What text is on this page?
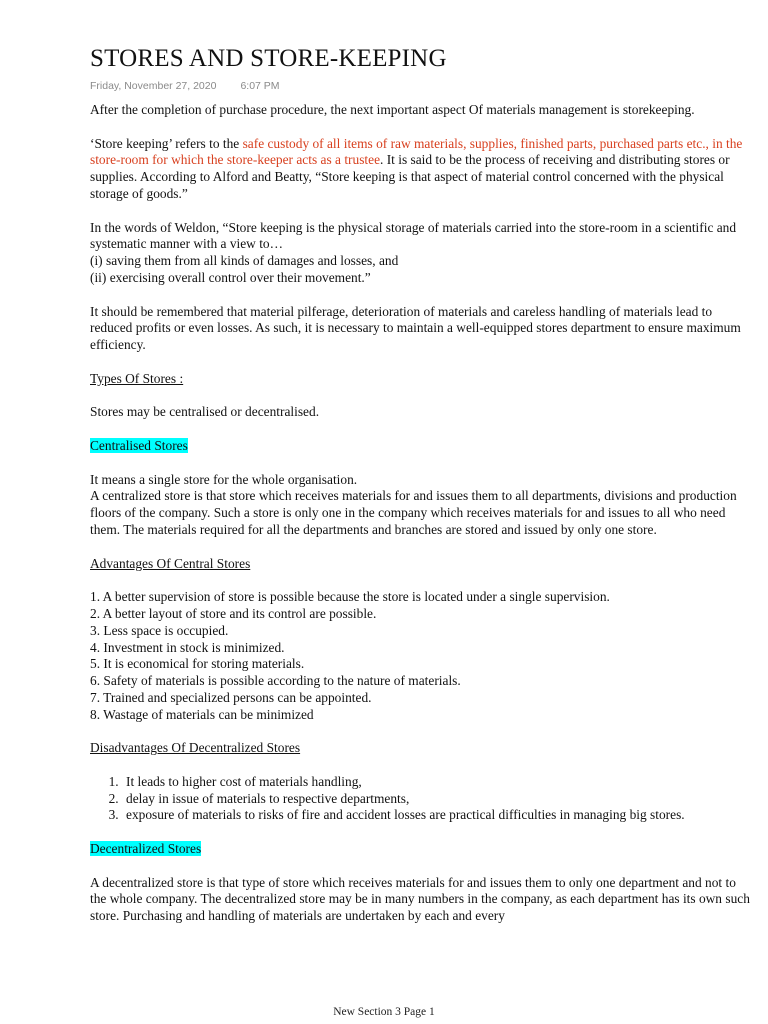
STORES AND STORE-KEEPING
Friday, November 27, 2020 6:07 PM

After the completion of purchase procedure, the next important aspect Of materials management is storekeeping.

‘Store keeping’ refers to the safe custody of all items of raw materials, supplies, finished parts, purchased parts etc., in the store-room for which the store-keeper acts as a trustee. It is said to be the process of receiving and distributing stores or supplies. According to Alford and Beatty, “Store keeping is that aspect of material control concerned with the physical storage of goods.”

In the words of Weldon, “Store keeping is the physical storage of materials carried into the store-room in a scientific and systematic manner with a view to…
(i) saving them from all kinds of damages and losses, and
(ii) exercising overall control over their movement.”

It should be remembered that material pilferage, deterioration of materials and careless handling of materials lead to reduced profits or even losses. As such, it is necessary to maintain a well-equipped stores department to ensure maximum efficiency.

Types Of Stores :

Stores may be centralised or decentralised.

Centralised Stores

It means a single store for the whole organisation.
A centralized store is that store which receives materials for and issues them to all departments, divisions and production floors of the company. Such a store is only one in the company which receives materials for and issues to all who need them. The materials required for all the departments and branches are stored and issued by only one store.

Advantages Of Central Stores

1. A better supervision of store is possible because the store is located under a single supervision.

2. A better layout of store and its control are possible.

3. Less space is occupied.

4. Investment in stock is minimized.

5. It is economical for storing materials.

6. Safety of materials is possible according to the nature of materials.

7. Trained and specialized persons can be appointed.

8. Wastage of materials can be minimized

Disadvantages Of Decentralized Stores

1. It leads to higher cost of materials handling,
2. delay in issue of materials to respective departments,
3. exposure of materials to risks of fire and accident losses are practical difficulties in managing big stores.

Decentralized Stores

A decentralized store is that type of store which receives materials for and issues them to only one department and not to the whole company. The decentralized store may be in many numbers in the company, as each department has its own such store. Purchasing and handling of materials are undertaken by each and every

New Section 3 Page 1
